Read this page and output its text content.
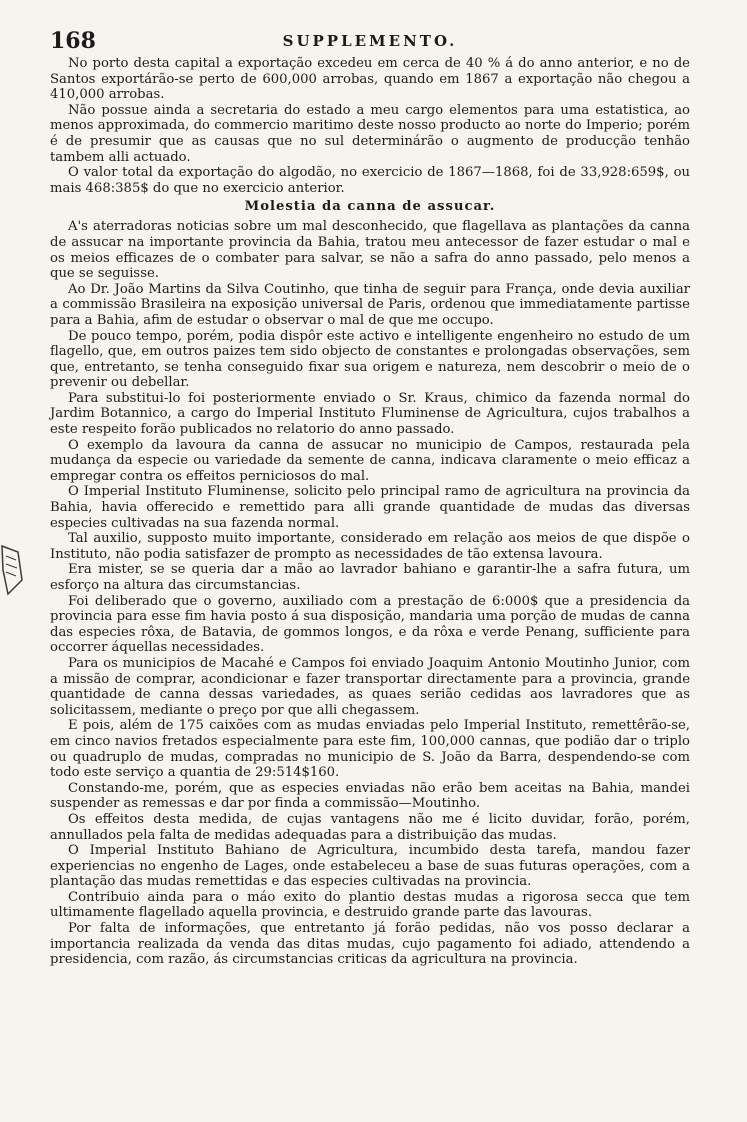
168	SUPPLEMENTO.

No porto desta capital a exportação excedeu em cerca de 40 % á do anno anterior, e no de Santos exportárão-se perto de 600,000 arrobas, quando em 1867 a exportação não chegou a 410,000 arrobas.

Não possue ainda a secretaria do estado a meu cargo elementos para uma estatistica, ao menos approximada, do commercio maritimo deste nosso producto ao norte do Imperio; porém é de presumir que as causas que no sul determinárão o augmento de producção tenhão tambem alli actuado.

O valor total da exportação do algodão, no exercicio de 1867—1868, foi de 33,928:659$, ou mais 468:385$ do que no exercicio anterior.

Molestia da canna de assucar.

A's aterradoras noticias sobre um mal desconhecido, que flagellava as plantações da canna de assucar na importante provincia da Bahia, tratou meu antecessor de fazer estudar o mal e os meios efficazes de o combater para salvar, se não a safra do anno passado, pelo menos a que se seguisse.

Ao Dr. João Martins da Silva Coutinho, que tinha de seguir para França, onde devia auxiliar a commissão Brasileira na exposição universal de Paris, ordenou que immediatamente partisse para a Bahia, afim de estudar o observar o mal de que me occupo.

De pouco tempo, porém, podia dispôr este activo e intelligente engenheiro no estudo de um flagello, que, em outros paizes tem sido objecto de constantes e prolongadas observações, sem que, entretanto, se tenha conseguido fixar sua origem e natureza, nem descobrir o meio de o prevenir ou debellar.

Para substitui-lo foi posteriormente enviado o Sr. Kraus, chimico da fazenda normal do Jardim Botannico, a cargo do Imperial Instituto Fluminense de Agricultura, cujos trabalhos a este respeito forão publicados no relatorio do anno passado.

O exemplo da lavoura da canna de assucar no municipio de Campos, restaurada pela mudança da especie ou variedade da semente de canna, indicava claramente o meio efficaz a empregar contra os effeitos perniciosos do mal.

O Imperial Instituto Fluminense, solicito pelo principal ramo de agricultura na provincia da Bahia, havia offerecido e remettido para alli grande quantidade de mudas das diversas especies cultivadas na sua fazenda normal.

Tal auxilio, supposto muito importante, considerado em relação aos meios de que dispõe o Instituto, não podia satisfazer de prompto as necessidades de tão extensa lavoura.

Era mister, se se queria dar a mão ao lavrador bahiano e garantir-lhe a safra futura, um esforço na altura das circumstancias.

Foi deliberado que o governo, auxiliado com a prestação de 6:000$ que a presidencia da provincia para esse fim havia posto á sua disposição, mandaria uma porção de mudas de canna das especies rôxa, de Batavia, de gommos longos, e da rôxa e verde Penang, sufficiente para occorrer áquellas necessidades.

Para os municipios de Macahé e Campos foi enviado Joaquim Antonio Moutinho Junior, com a missão de comprar, acondicionar e fazer transportar directamente para a provincia, grande quantidade de canna dessas variedades, as quaes serião cedidas aos lavradores que as solicitassem, mediante o preço por que alli chegassem.

E pois, além de 175 caixões com as mudas enviadas pelo Imperial Instituto, remettêrão-se, em cinco navios fretados especialmente para este fim, 100,000 cannas, que podião dar o triplo ou quadruplo de mudas, compradas no municipio de S. João da Barra, despendendo-se com todo este serviço a quantia de 29:514$160.

Constando-me, porém, que as especies enviadas não erão bem aceitas na Bahia, mandei suspender as remessas e dar por finda a commissão—Moutinho.

Os effeitos desta medida, de cujas vantagens não me é licito duvidar, forão, porém, annullados pela falta de medidas adequadas para a distribuição das mudas.

O Imperial Instituto Bahiano de Agricultura, incumbido desta tarefa, mandou fazer experiencias no engenho de Lages, onde estabeleceu a base de suas futuras operações, com a plantação das mudas remettidas e das especies cultivadas na provincia.

Contribuio ainda para o máo exito do plantio destas mudas a rigorosa secca que tem ultimamente flagellado aquella provincia, e destruido grande parte das lavouras.

Por falta de informações, que entretanto já forão pedidas, não vos posso declarar a importancia realizada da venda das ditas mudas, cujo pagamento foi adiado, attendendo a presidencia, com razão, ás circumstancias criticas da agricultura na provincia.
